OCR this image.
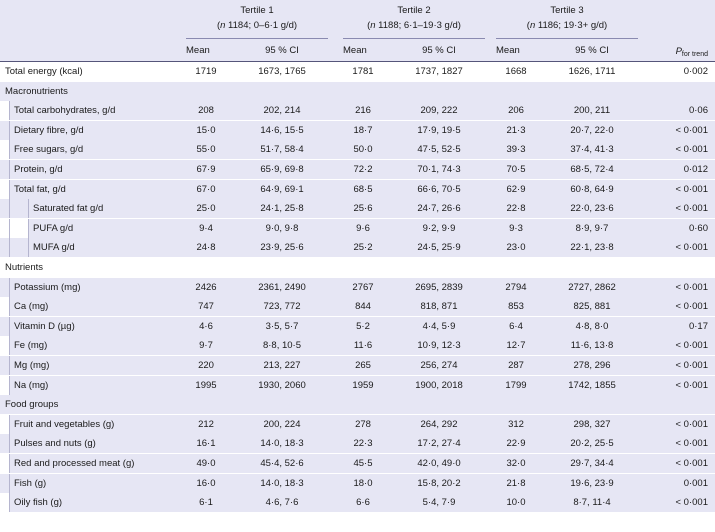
Tertile 1
(n 1184; 0–6·1 g/d)
Tertile 2
(n 1188; 6·1–19·3 g/d)
Tertile 3
(n 1186; 19·3+ g/d)
Mean	95 % CI	Mean	95 % CI	Mean	95 % CI	$P_{for trend}$
Total energy (kcal)	1719	1673, 1765	1781	1737, 1827	1668	1626, 1711	0·002
Macronutrients
Total carbohydrates, g/d	208	202, 214	216	209, 222	206	200, 211	0·06
Dietary fibre, g/d	15·0	14·6, 15·5	18·7	17·9, 19·5	21·3	20·7, 22·0	< 0·001
Free sugars, g/d	55·0	51·7, 58·4	50·0	47·5, 52·5	39·3	37·4, 41·3	< 0·001
Protein, g/d	67·9	65·9, 69·8	72·2	70·1, 74·3	70·5	68·5, 72·4	0·012
Total fat, g/d	67·0	64·9, 69·1	68·5	66·6, 70·5	62·9	60·8, 64·9	< 0·001
Saturated fat g/d	25·0	24·1, 25·8	25·6	24·7, 26·6	22·8	22·0, 23·6	< 0·001
PUFA g/d	9·4	9·0, 9·8	9·6	9·2, 9·9	9·3	8·9, 9·7	0·60
MUFA g/d	24·8	23·9, 25·6	25·2	24·5, 25·9	23·0	22·1, 23·8	< 0·001
Nutrients
Potassium (mg)	2426	2361, 2490	2767	2695, 2839	2794	2727, 2862	< 0·001
Ca (mg)	747	723, 772	844	818, 871	853	825, 881	< 0·001
Vitamin D (µg)	4·6	3·5, 5·7	5·2	4·4, 5·9	6·4	4·8, 8·0	0·17
Fe (mg)	9·7	8·8, 10·5	11·6	10·9, 12·3	12·7	11·6, 13·8	< 0·001
Mg (mg)	220	213, 227	265	256, 274	287	278, 296	< 0·001
Na (mg)	1995	1930, 2060	1959	1900, 2018	1799	1742, 1855	< 0·001
Food groups
Fruit and vegetables (g)	212	200, 224	278	264, 292	312	298, 327	< 0·001
Pulses and nuts (g)	16·1	14·0, 18·3	22·3	17·2, 27·4	22·9	20·2, 25·5	< 0·001
Red and processed meat (g)	49·0	45·4, 52·6	45·5	42·0, 49·0	32·0	29·7, 34·4	< 0·001
Fish (g)	16·0	14·0, 18·3	18·0	15·8, 20·2	21·8	19·6, 23·9	0·001
Oily fish (g)	6·1	4·6, 7·6	6·6	5·4, 7·9	10·0	8·7, 11·4	< 0·001
